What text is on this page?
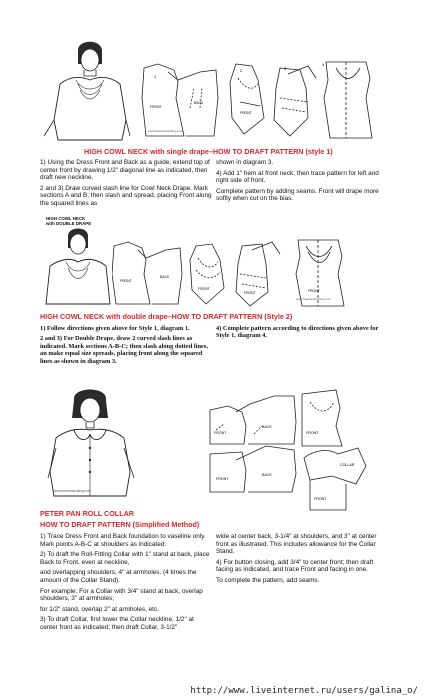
1
2	3
4
FRONT
BACK
FRONT
www.freehandcutting.com
HIGH COWL NECK with single drape–HOW TO DRAFT PATTERN (style 1)

1) Using the Dress Front and Back as a guide, extend top of center front by drawing 1/2" diagonal line as indicated, then draft new neckline.

2 and 3) Draw curved slash line for Cowl Neck Drape. Mark sections A and B; then slash and spread, placing Front along the squared lines as

shown in diagram 3.

4) Add 1" hem at front neck; then trace pattern for left and right side of front.

Complete pattern by adding seams. Front will drape more softly when cut on the bias.

HIGH COWL NECK
with DOUBLE DRAPE
FRONT
BACK
FRONT
FRONT	FRONT
www.freehandcutting.com
HIGH COWL NECK with double drape–HOW TO DRAFT PATTERN (Style 2)

1) Follow directions given above for Style 1, diagram 1.

2 and 3) For Double Drape, draw 2 curved slash lines as indicated. Mark sections A-B-C; then slash along dotted lines, an make equal size spreads, placing front along the squared lines as shown in diagram 3.

4) Complete pattern according to directions given above for Style 1, diagram 4.

www.freehandcutting.com
FRONT
BACK
FRONT
FRONT
BACK
COLLAR
FRONT
PETER PAN ROLL COLLAR
HOW TO DRAFT PATTERN (Simplified Method)

1) Trace Dress Front and Back foundation to vaseline only. Mark points A-B-C at shoulders as indicated.

2) To draft the Roll-Fitting Collar with 1" stand at back, place Back to Front, even at neckline,

and overlapping shoulders, 4" at armholes. (4 times the amount of the Collar Stand).

For example: For a Collar with 3/4" stand at back, overlap shoulders, 3" at armholes;

for 1/2" stand, overlap 2" at armholes, etc.

3) To draft Collar, first lower the Collar neckline, 1/2" at center front as indicated; then draft Collar, 3-1/2"

wide at center back, 3-1/4" at shoulders, and 3" at center front as illustrated. This includes allowance for the Collar Stand.

4) For button closing, add 3/4" to center front; then draft facing as indicated, and trace Front and facing in one.

To complete the pattern, add seams.

http://www.liveinternet.ru/users/galina_o/
